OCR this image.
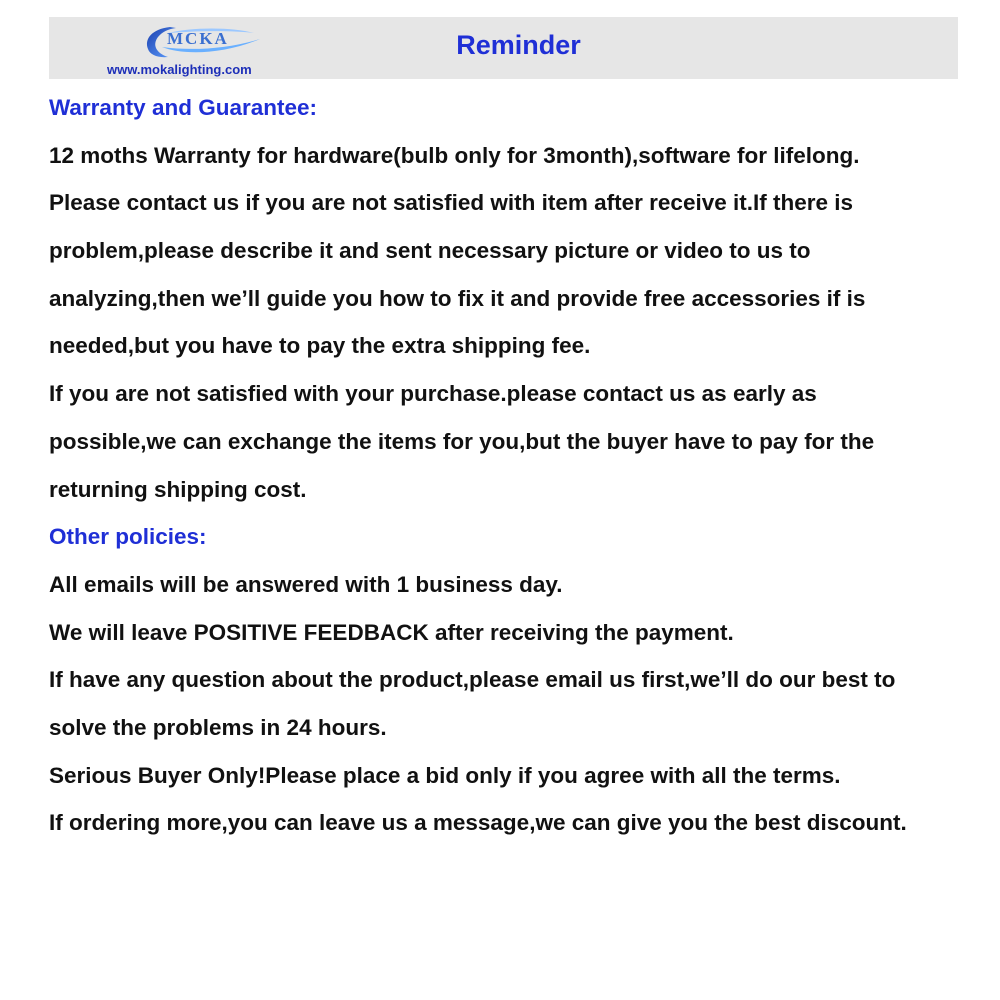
MCKA
www.mokalighting.com
Reminder
Warranty and Guarantee:
12 moths Warranty for hardware(bulb only for 3month),software for lifelong.
Please contact us if you are not satisfied with item after receive it.If there is
problem,please describe it and sent necessary picture or video to us to
analyzing,then we’ll guide you how to fix it and provide free accessories if is
needed,but you have to pay the extra shipping fee.
If you are not satisfied with your purchase.please contact us as early as
possible,we can exchange the items for you,but the buyer have to pay for the
returning shipping cost.
Other policies:
All emails will be answered with 1 business day.
We will leave POSITIVE FEEDBACK after receiving the payment.
If have any question about the product,please email us first,we’ll do our best to
solve the problems in 24 hours.
Serious Buyer Only!Please place a bid only if you agree with all the terms.
If ordering more,you can leave us a message,we can give you the best discount.
